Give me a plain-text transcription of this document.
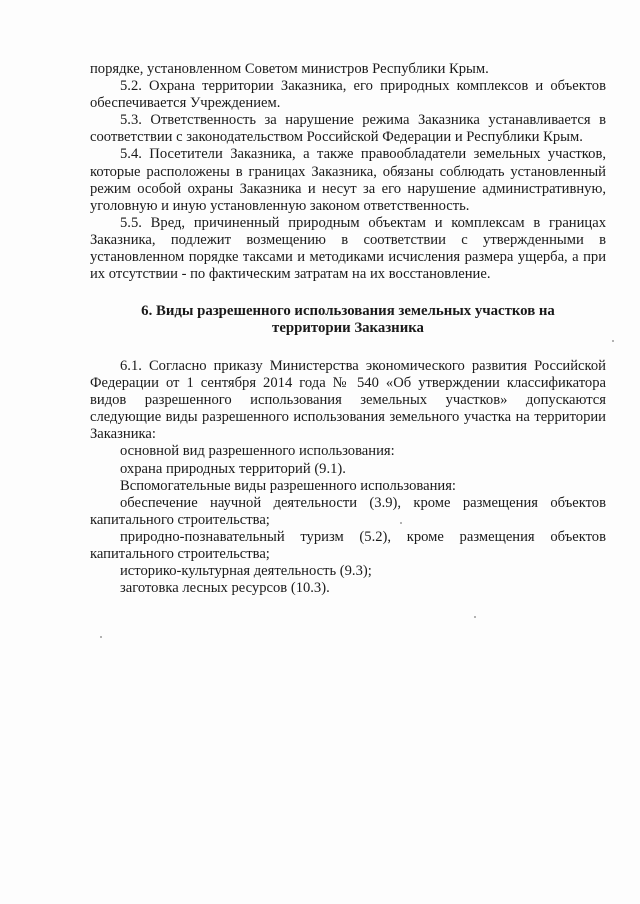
порядке, установленном Советом министров Республики Крым.

5.2. Охрана территории Заказника, его природных комплексов и объектов обеспечивается Учреждением.

5.3. Ответственность за нарушение режима Заказника устанавливается в соответствии с законодательством Российской Федерации и Республики Крым.

5.4. Посетители Заказника, а также правообладатели земельных участков, которые расположены в границах Заказника, обязаны соблюдать установленный режим особой охраны Заказника и несут за его нарушение административную, уголовную и иную установленную законом ответственность.

5.5. Вред, причиненный природным объектам и комплексам в границах Заказника, подлежит возмещению в соответствии с утвержденными в установленном порядке таксами и методиками исчисления размера ущерба, а при их отсутствии - по фактическим затратам на их восстановление.

6. Виды разрешенного использования земельных участков на
территории Заказника

6.1. Согласно приказу Министерства экономического развития Российской Федерации от 1 сентября 2014 года № 540 «Об утверждении классификатора видов разрешенного использования земельных участков» допускаются следующие виды разрешенного использования земельного участка на территории Заказника:

основной вид разрешенного использования:

охрана природных территорий (9.1).

Вспомогательные виды разрешенного использования:

обеспечение научной деятельности (3.9), кроме размещения объектов капитального строительства;

природно-познавательный туризм (5.2), кроме размещения объектов капитального строительства;

историко-культурная деятельность (9.3);

заготовка лесных ресурсов (10.3).
